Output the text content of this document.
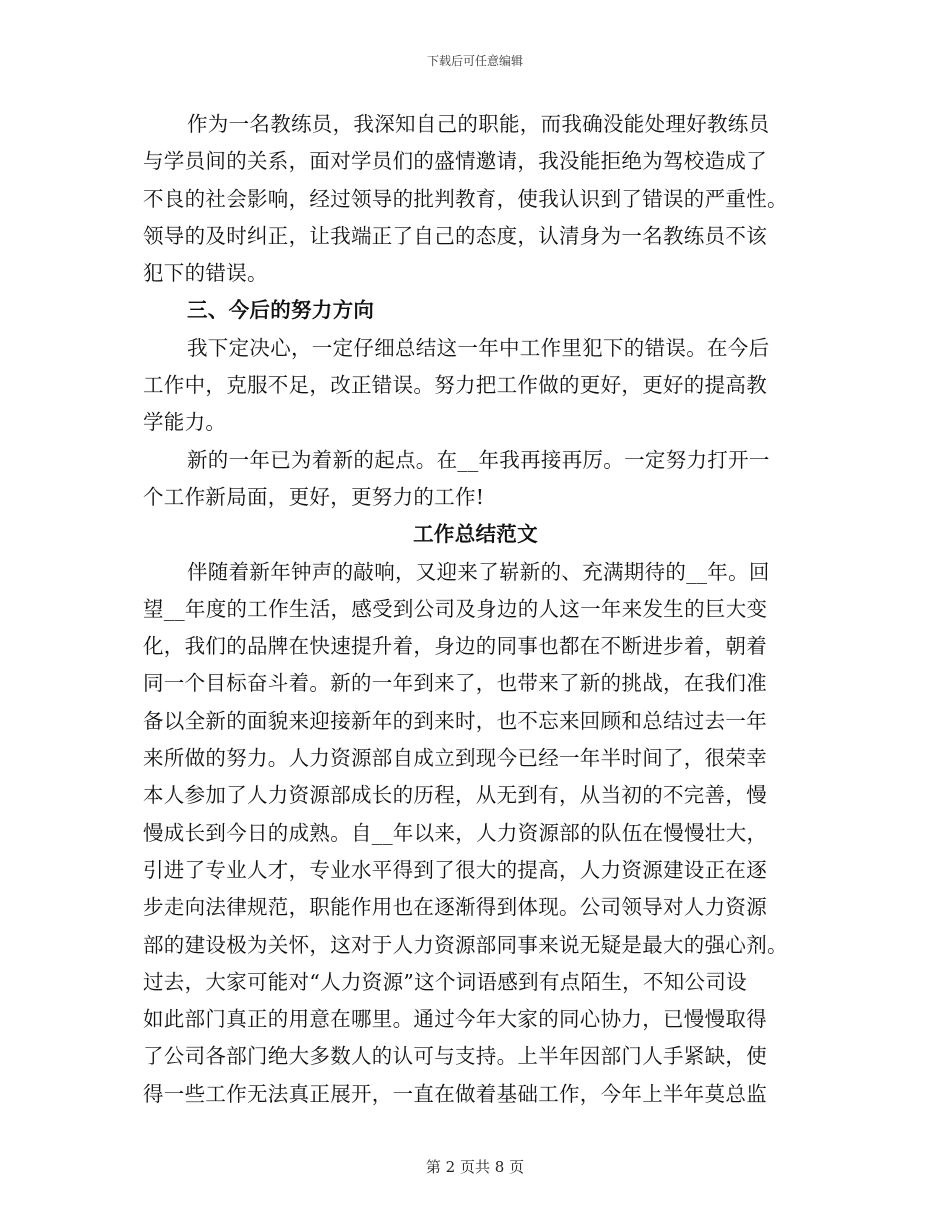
下载后可任意编辑
作为一名教练员，我深知自己的职能，而我确没能处理好教练员
与学员间的关系，面对学员们的盛情邀请，我没能拒绝为驾校造成了
不良的社会影响，经过领导的批判教育，使我认识到了错误的严重性。
领导的及时纠正，让我端正了自己的态度，认清身为一名教练员不该
犯下的错误。
三、今后的努力方向
我下定决心，一定仔细总结这一年中工作里犯下的错误。在今后
工作中，克服不足，改正错误。努力把工作做的更好，更好的提高教
学能力。
新的一年已为着新的起点。在__年我再接再厉。一定努力打开一
个工作新局面，更好，更努力的工作!
工作总结范文
伴随着新年钟声的敲响，又迎来了崭新的、充满期待的__年。回
望__年度的工作生活，感受到公司及身边的人这一年来发生的巨大变
化，我们的品牌在快速提升着，身边的同事也都在不断进步着，朝着
同一个目标奋斗着。新的一年到来了，也带来了新的挑战，在我们准
备以全新的面貌来迎接新年的到来时，也不忘来回顾和总结过去一年
来所做的努力。人力资源部自成立到现今已经一年半时间了，很荣幸
本人参加了人力资源部成长的历程，从无到有，从当初的不完善，慢
慢成长到今日的成熟。自__年以来，人力资源部的队伍在慢慢壮大，
引进了专业人才，专业水平得到了很大的提高，人力资源建设正在逐
步走向法律规范，职能作用也在逐渐得到体现。公司领导对人力资源
部的建设极为关怀，这对于人力资源部同事来说无疑是最大的强心剂。
过去，大家可能对“人力资源”这个词语感到有点陌生，不知公司设
如此部门真正的用意在哪里。通过今年大家的同心协力，已慢慢取得
了公司各部门绝大多数人的认可与支持。上半年因部门人手紧缺，使
得一些工作无法真正展开，一直在做着基础工作，今年上半年莫总监
第 2 页共 8 页
